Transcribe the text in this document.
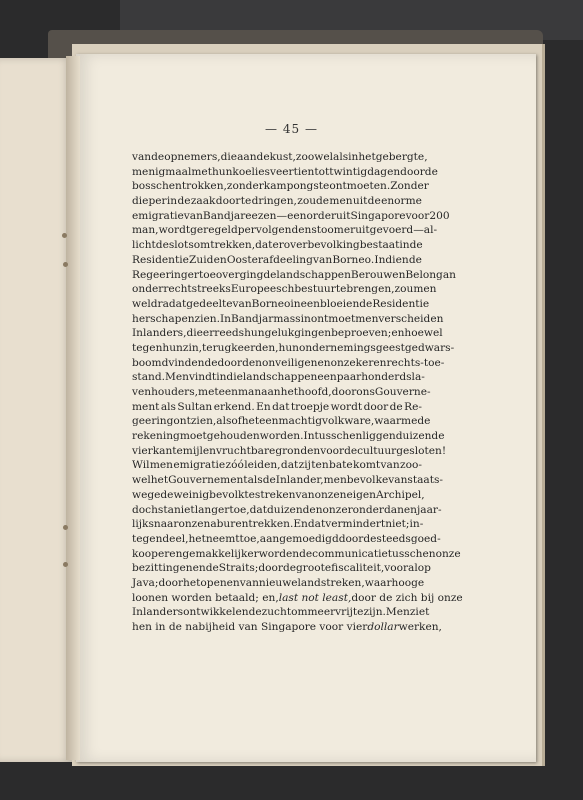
— 45 —
van de opnemers, die aan de kust, zoowel als in het gebergte,
menigmaal met hun koelies veertien tot twintig dagen door de
bosschen trokken, zonder kampongs te ontmoeten. Zonder
dieper in de zaak door te dringen, zoude men uit de enorme
emigratie van Bandjareezen — een order uit Singapore voor 200
man, wordt geregeld per volgenden stoomer uitgevoerd — al-
licht de slotsom trekken, dat er overbevolking bestaat in de
Residentie Zuid en Oosterafdeeling van Borneo. Indien de
Regeering er toe overging de landschappen Berouw en Belongan
onder rechtstreeks Europeesch bestuur te brengen, zou men
weldra dat gedeelte van Borneo in een bloeiende Residentie
herschapen zien. In Bandjarmassin ontmoet men verscheiden
Inlanders, die er reeds hun geluk gingen beproeven; en hoewel
tegen hun zin, terugkeerden, hun ondernemingsgeest gedwars-
boomd vindende door den onveiligen en onzekeren rechts-toe-
stand. Men vindt in die landschappen een paar honderd sla-
venhouders, met een man aan het hoofd, door ons Gouverne-
ment als Sultan erkend. En dat troepje wordt door de Re-
geering ontzien, alsof het een machtig volk ware, waarmede
rekening moet gehouden worden. Intusschen liggen duizende
vierkante mijlen vruchtbare gronden voor de cultuur gesloten!
Wil men emigratie zóó leiden, dat zij ten bate komt van zoo-
wel het Gouvernement als de Inlander, men bevolke van staats-
wege de weinig bevolkte streken van onzen eigen Archipel,
doch sta niet langer toe, dat duizenden onzer onderdanen jaar-
lijks naar onze naburen trekken. En dat vermindert niet; in-
tegendeel, het neemt toe, aangemoedigd door de steeds goed-
kooper en gemakkelijker wordende communicatie tusschen onze
bezittingen en de Straits; door de groote fiscaliteit, vooral op
Java; door het openen van nieuwe landstreken, waar hooge
loonen worden betaald; en, last not least, door de zich bij onze
Inlanders ontwikkelende zucht om meer vrij te zijn. Men ziet
hen in de nabijheid van Singapore voor vier dollar werken,
